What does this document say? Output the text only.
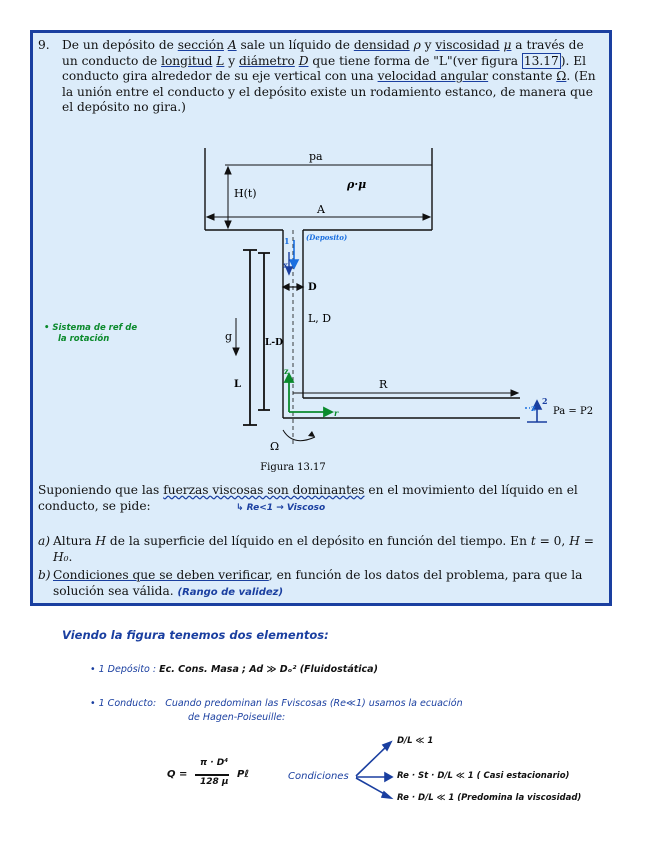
9. De un depósito de sección A sale un líquido de densidad ρ y viscosidad μ a través de un conducto de longitud L y diámetro D que tiene forma de "L"(ver figura 13.17 ). El conducto gira alrededor de su eje vertical con una velocidad angular constante Ω. (En la unión entre el conducto y el depósito existe un rodamiento estanco, de manera que el depósito no gira.)
pa
ρ·μ
H(t)
A
1 (Deposito)
x
D
L, D
g	L-D
L
z
R
r	z
2
Pa = P2
Ω
Figura 13.17
• Sistema de ref de
la rotación
Suponiendo que las fuerzas viscosas son dominantes en el movimiento del líquido en el conducto, se pide:	↳ Re<1 → Viscoso
a) Altura H de la superficie del líquido en el depósito en función del tiempo. En t = 0, H = H₀.
b) Condiciones que se deben verificar, en función de los datos del problema, para que la solución sea válida. (Rango de validez)
Viendo la figura tenemos dos elementos:
• 1 Depósito : Ec. Cons. Masa ; Ad ≫ Dₒ² (Fluidostática)
• 1 Conducto: Cuando predominan las Fviscosas (Re≪1) usamos la ecuación
de Hagen-Poiseuille:
Q =
π · D⁴
128 μ
Pℓ	Condiciones
D/L ≪ 1
Re · St · D/L ≪ 1 ( Casi estacionario)
Re · D/L ≪ 1 (Predomina la viscosidad)
